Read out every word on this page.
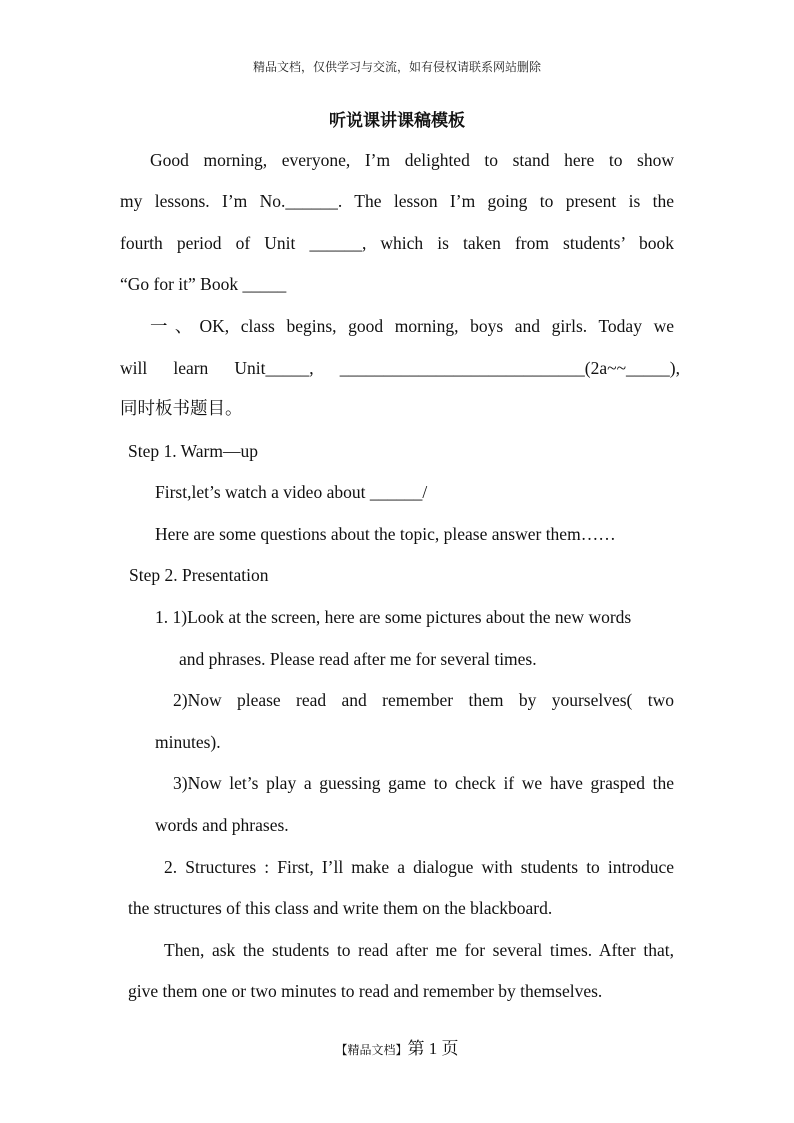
精品文档，仅供学习与交流，如有侵权请联系网站删除
听说课讲课稿模板
Good morning, everyone, I’m delighted to stand here to show
my lessons. I’m No.______. The lesson I’m going to present is the
fourth period of Unit ______, which is taken from students’ book
“Go for it” Book _____
一、OK, class begins, good morning, boys and girls. Today we
will learn Unit_____, ____________________________(2a~~_____),
同时板书题目。
Step 1. Warm—up
First,let’s watch a video about ______/
Here are some questions about the topic, please answer them……
Step 2. Presentation
1. 1)Look at the screen, here are some pictures about the new words
and phrases. Please read after me for several times.
2)Now please read and remember them by yourselves( two
minutes).
3)Now let’s play a guessing game to check if we have grasped the
words and phrases.
2. Structures : First, I’ll make a dialogue with students to introduce
the structures of this class and write them on the blackboard.
Then, ask the students to read after me for several times. After that,
give them one or two minutes to read and remember by themselves.
【精品文档】第 1 页
